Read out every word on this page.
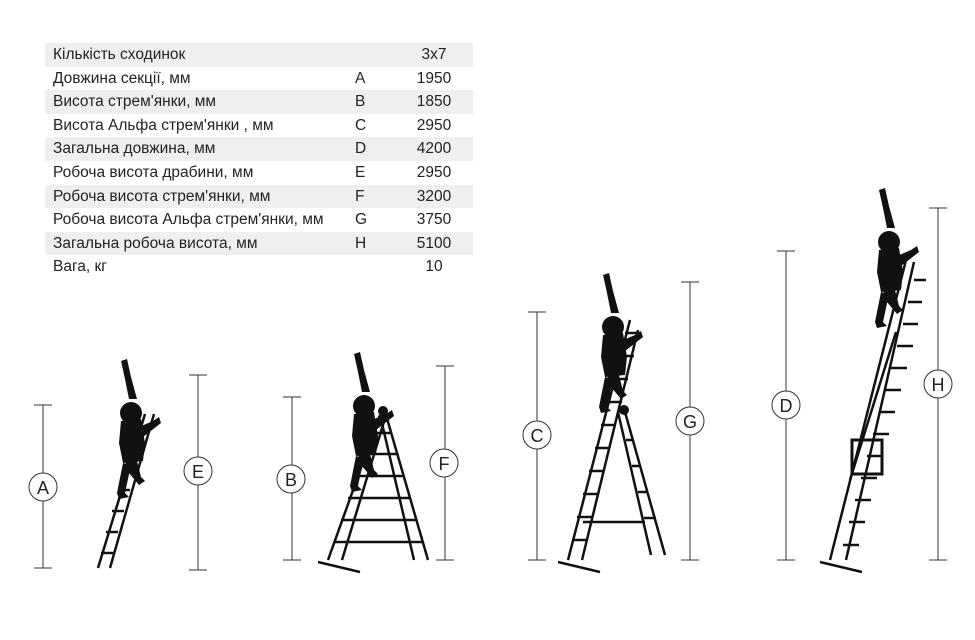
Кількість сходинок		3x7
Довжина секції, мм	A	1950
Висота стрем'янки, мм	B	1850
Висота Альфа стрем'янки , мм	C	2950
Загальна довжина, мм	D	4200
Робоча висота драбини, мм	E	2950
Робоча висота стрем'янки, мм	F	3200
Робоча висота Альфа стрем'янки, мм	G	3750
Загальна робоча висота, мм	H	5100
Вага, кг		10
A
E	B
F
C
G
D
H
